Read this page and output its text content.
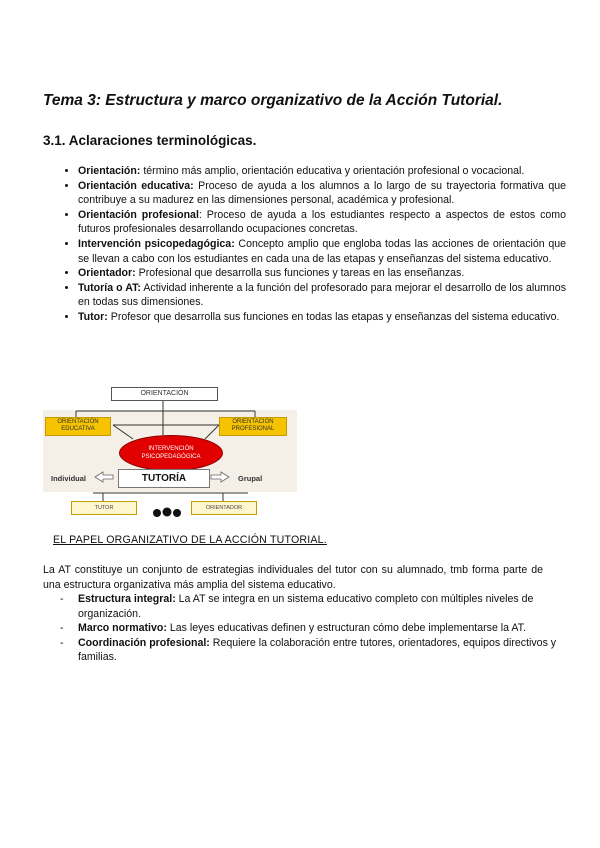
Tema 3: Estructura y marco organizativo de la Acción Tutorial.
3.1. Aclaraciones terminológicas.
• Orientación: término más amplio, orientación educativa y orientación profesional o vocacional.
• Orientación educativa: Proceso de ayuda a los alumnos a lo largo de su trayectoria formativa que contribuye a su madurez en las dimensiones personal, académica y profesional.
• Orientación profesional: Proceso de ayuda a los estudiantes respecto a aspectos de estos como futuros profesionales desarrollando ocupaciones concretas.
• Intervención psicopedagógica: Concepto amplio que engloba todas las acciones de orientación que se llevan a cabo con los estudiantes en cada una de las etapas y enseñanzas del sistema educativo.
• Orientador: Profesional que desarrolla sus funciones y tareas en las enseñanzas.
• Tutoría o AT: Actividad inherente a la función del profesorado para mejorar el desarrollo de los alumnos en todas sus dimensiones.
• Tutor: Profesor que desarrolla sus funciones en todas las etapas y enseñanzas del sistema educativo.
ORIENTACIÓN
ORIENTACIÓN
EDUCATIVA
ORIENTACIÓN
PROFESIONAL
INTERVENCIÓN
PSICOPEDAGÓGICA
Individual	TUTORÍA	Grupal
TUTOR	ORIENTADOR

EL PAPEL ORGANIZATIVO DE LA ACCIÓN TUTORIAL.

La AT constituye un conjunto de estrategias individuales del tutor con su alumnado, tmb forma parte de una estructura organizativa más amplia del sistema educativo.

- Estructura integral: La AT se integra en un sistema educativo completo con múltiples niveles de organización.
- Marco normativo: Las leyes educativas definen y estructuran cómo debe implementarse la AT.
- Coordinación profesional: Requiere la colaboración entre tutores, orientadores, equipos directivos y familias.
